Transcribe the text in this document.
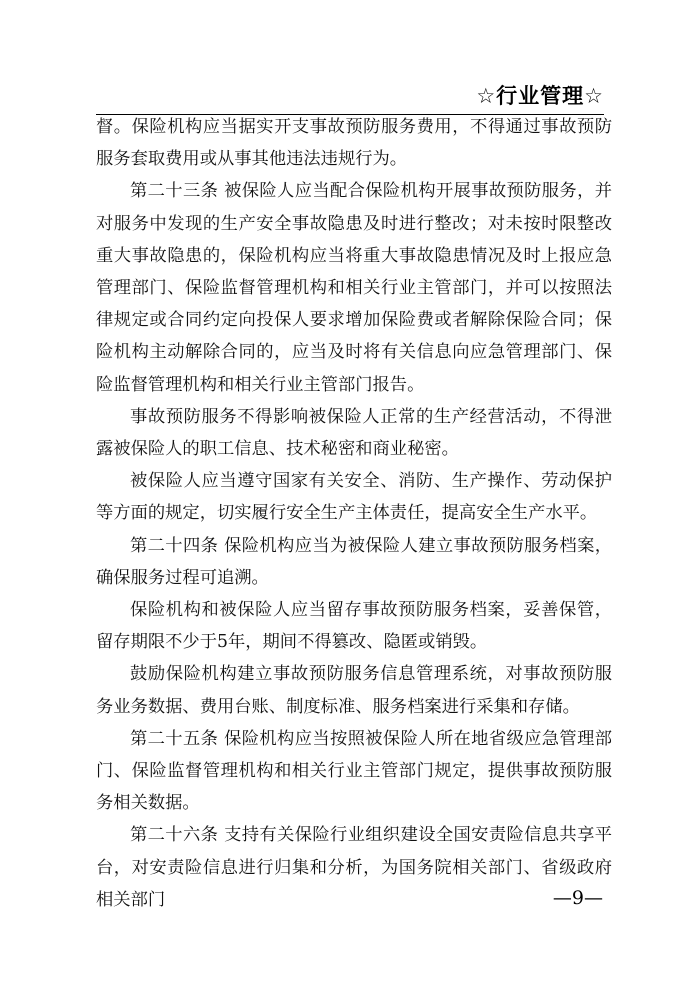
☆行业管理☆

督。保险机构应当据实开支事故预防服务费用，不得通过事故预防服务套取费用或从事其他违法违规行为。

第二十三条 被保险人应当配合保险机构开展事故预防服务，并对服务中发现的生产安全事故隐患及时进行整改；对未按时限整改重大事故隐患的，保险机构应当将重大事故隐患情况及时上报应急管理部门、保险监督管理机构和相关行业主管部门，并可以按照法律规定或合同约定向投保人要求增加保险费或者解除保险合同；保险机构主动解除合同的，应当及时将有关信息向应急管理部门、保险监督管理机构和相关行业主管部门报告。

事故预防服务不得影响被保险人正常的生产经营活动，不得泄露被保险人的职工信息、技术秘密和商业秘密。

被保险人应当遵守国家有关安全、消防、生产操作、劳动保护等方面的规定，切实履行安全生产主体责任，提高安全生产水平。

第二十四条 保险机构应当为被保险人建立事故预防服务档案，确保服务过程可追溯。

保险机构和被保险人应当留存事故预防服务档案，妥善保管，留存期限不少于5年，期间不得篡改、隐匿或销毁。

鼓励保险机构建立事故预防服务信息管理系统，对事故预防服务业务数据、费用台账、制度标准、服务档案进行采集和存储。

第二十五条 保险机构应当按照被保险人所在地省级应急管理部门、保险监督管理机构和相关行业主管部门规定，提供事故预防服务相关数据。

第二十六条 支持有关保险行业组织建设全国安责险信息共享平台，对安责险信息进行归集和分析，为国务院相关部门、省级政府相关部门	—9—
